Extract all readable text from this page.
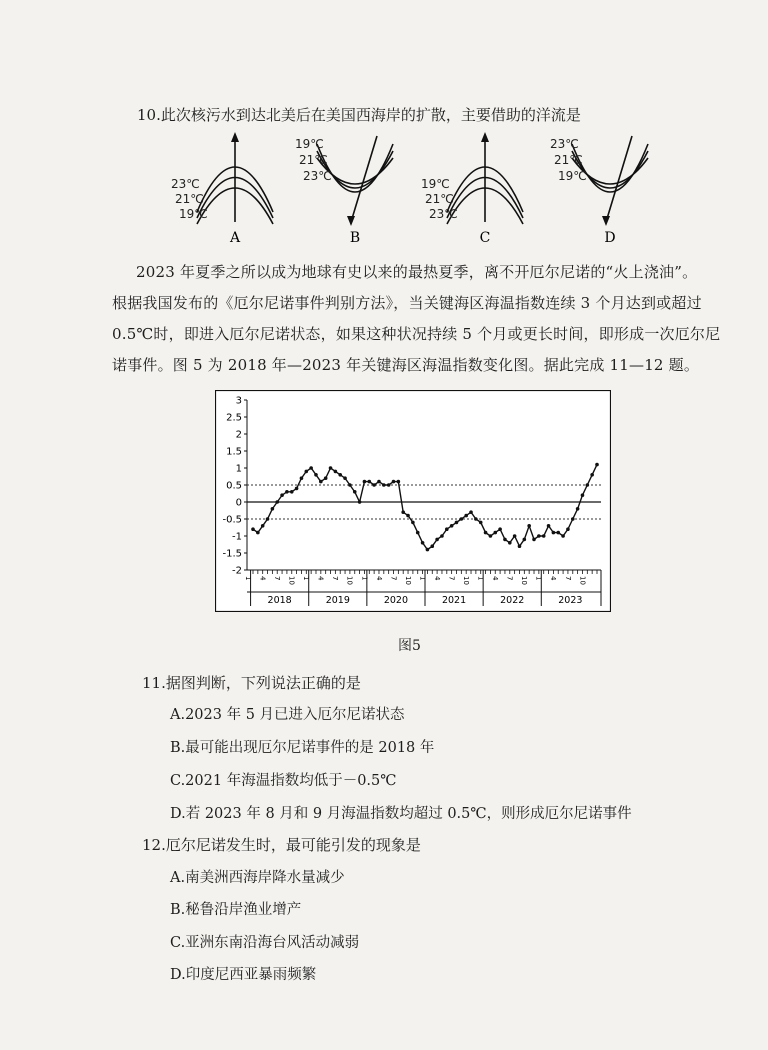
10.此次核污水到达北美后在美国西海岸的扩散，主要借助的洋流是
23℃
21℃
19℃
A
19℃
21℃
23℃
B
19℃
21℃
23℃
C
23℃
21℃
19℃
D
2023 年夏季之所以成为地球有史以来的最热夏季，离不开厄尔尼诺的“火上浇油”。
根据我国发布的《厄尔尼诺事件判别方法》，当关键海区海温指数连续 3 个月达到或超过
0.5℃时，即进入厄尔尼诺状态，如果这种状况持续 5 个月或更长时间，即形成一次厄尔尼
诺事件。图 5 为 2018 年—2023 年关键海区海温指数变化图。据此完成 11—12 题。
3
2.5
2
1.5
1
0.5
0
-0.5
-1
-1.5
-2
1 4 7 10 1 4 7 10 1 4 7 10 1 4 7 10 1 4 7 10 1 4 7 10
2018	2019	2020	2021	2022	2023
图5
11.据图判断，下列说法正确的是
A.2023 年 5 月已进入厄尔尼诺状态
B.最可能出现厄尔尼诺事件的是 2018 年
C.2021 年海温指数均低于－0.5℃
D.若 2023 年 8 月和 9 月海温指数均超过 0.5℃，则形成厄尔尼诺事件
12.厄尔尼诺发生时，最可能引发的现象是
A.南美洲西海岸降水量减少
B.秘鲁沿岸渔业增产
C.亚洲东南沿海台风活动减弱
D.印度尼西亚暴雨频繁
